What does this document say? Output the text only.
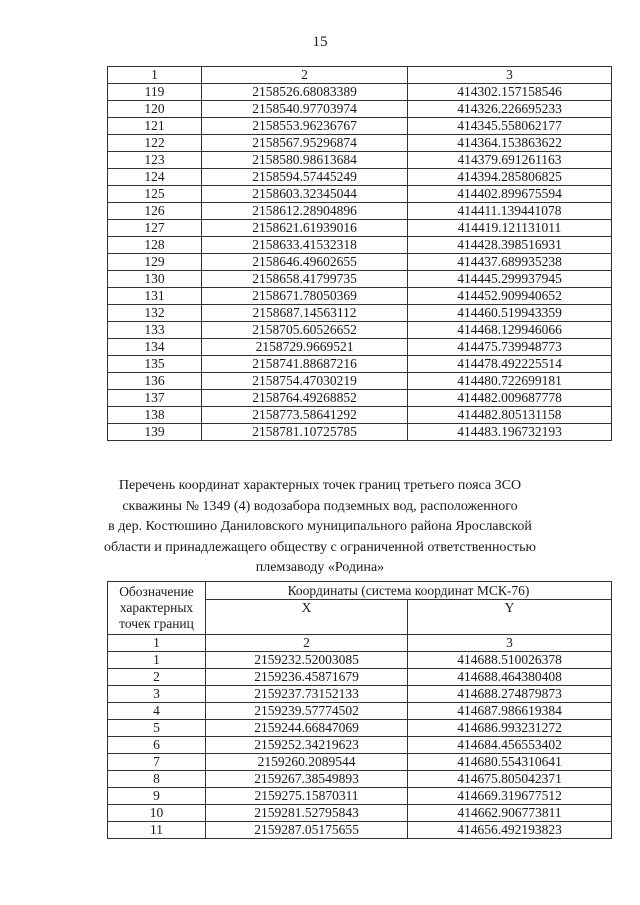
15
1	2	3
119	2158526.68083389	414302.157158546
120	2158540.97703974	414326.226695233
121	2158553.96236767	414345.558062177
122	2158567.95296874	414364.153863622
123	2158580.98613684	414379.691261163
124	2158594.57445249	414394.285806825
125	2158603.32345044	414402.899675594
126	2158612.28904896	414411.139441078
127	2158621.61939016	414419.121131011
128	2158633.41532318	414428.398516931
129	2158646.49602655	414437.689935238
130	2158658.41799735	414445.299937945
131	2158671.78050369	414452.909940652
132	2158687.14563112	414460.519943359
133	2158705.60526652	414468.129946066
134	2158729.9669521	414475.739948773
135	2158741.88687216	414478.492225514
136	2158754.47030219	414480.722699181
137	2158764.49268852	414482.009687778
138	2158773.58641292	414482.805131158
139	2158781.10725785	414483.196732193
Перечень координат характерных точек границ третьего пояса ЗСО
скважины № 1349 (4) водозабора подземных вод, расположенного
в дер. Костюшино Даниловского муниципального района Ярославской
области и принадлежащего обществу с ограниченной ответственностью
племзаводу «Родина»
Обозначение характерных точек границ	Координаты (система координат МСК-76)	
	X	Y
1	2	3
1	2159232.52003085	414688.510026378
2	2159236.45871679	414688.464380408
3	2159237.73152133	414688.274879873
4	2159239.57774502	414687.986619384
5	2159244.66847069	414686.993231272
6	2159252.34219623	414684.456553402
7	2159260.2089544	414680.554310641
8	2159267.38549893	414675.805042371
9	2159275.15870311	414669.319677512
10	2159281.52795843	414662.906773811
11	2159287.05175655	414656.492193823
